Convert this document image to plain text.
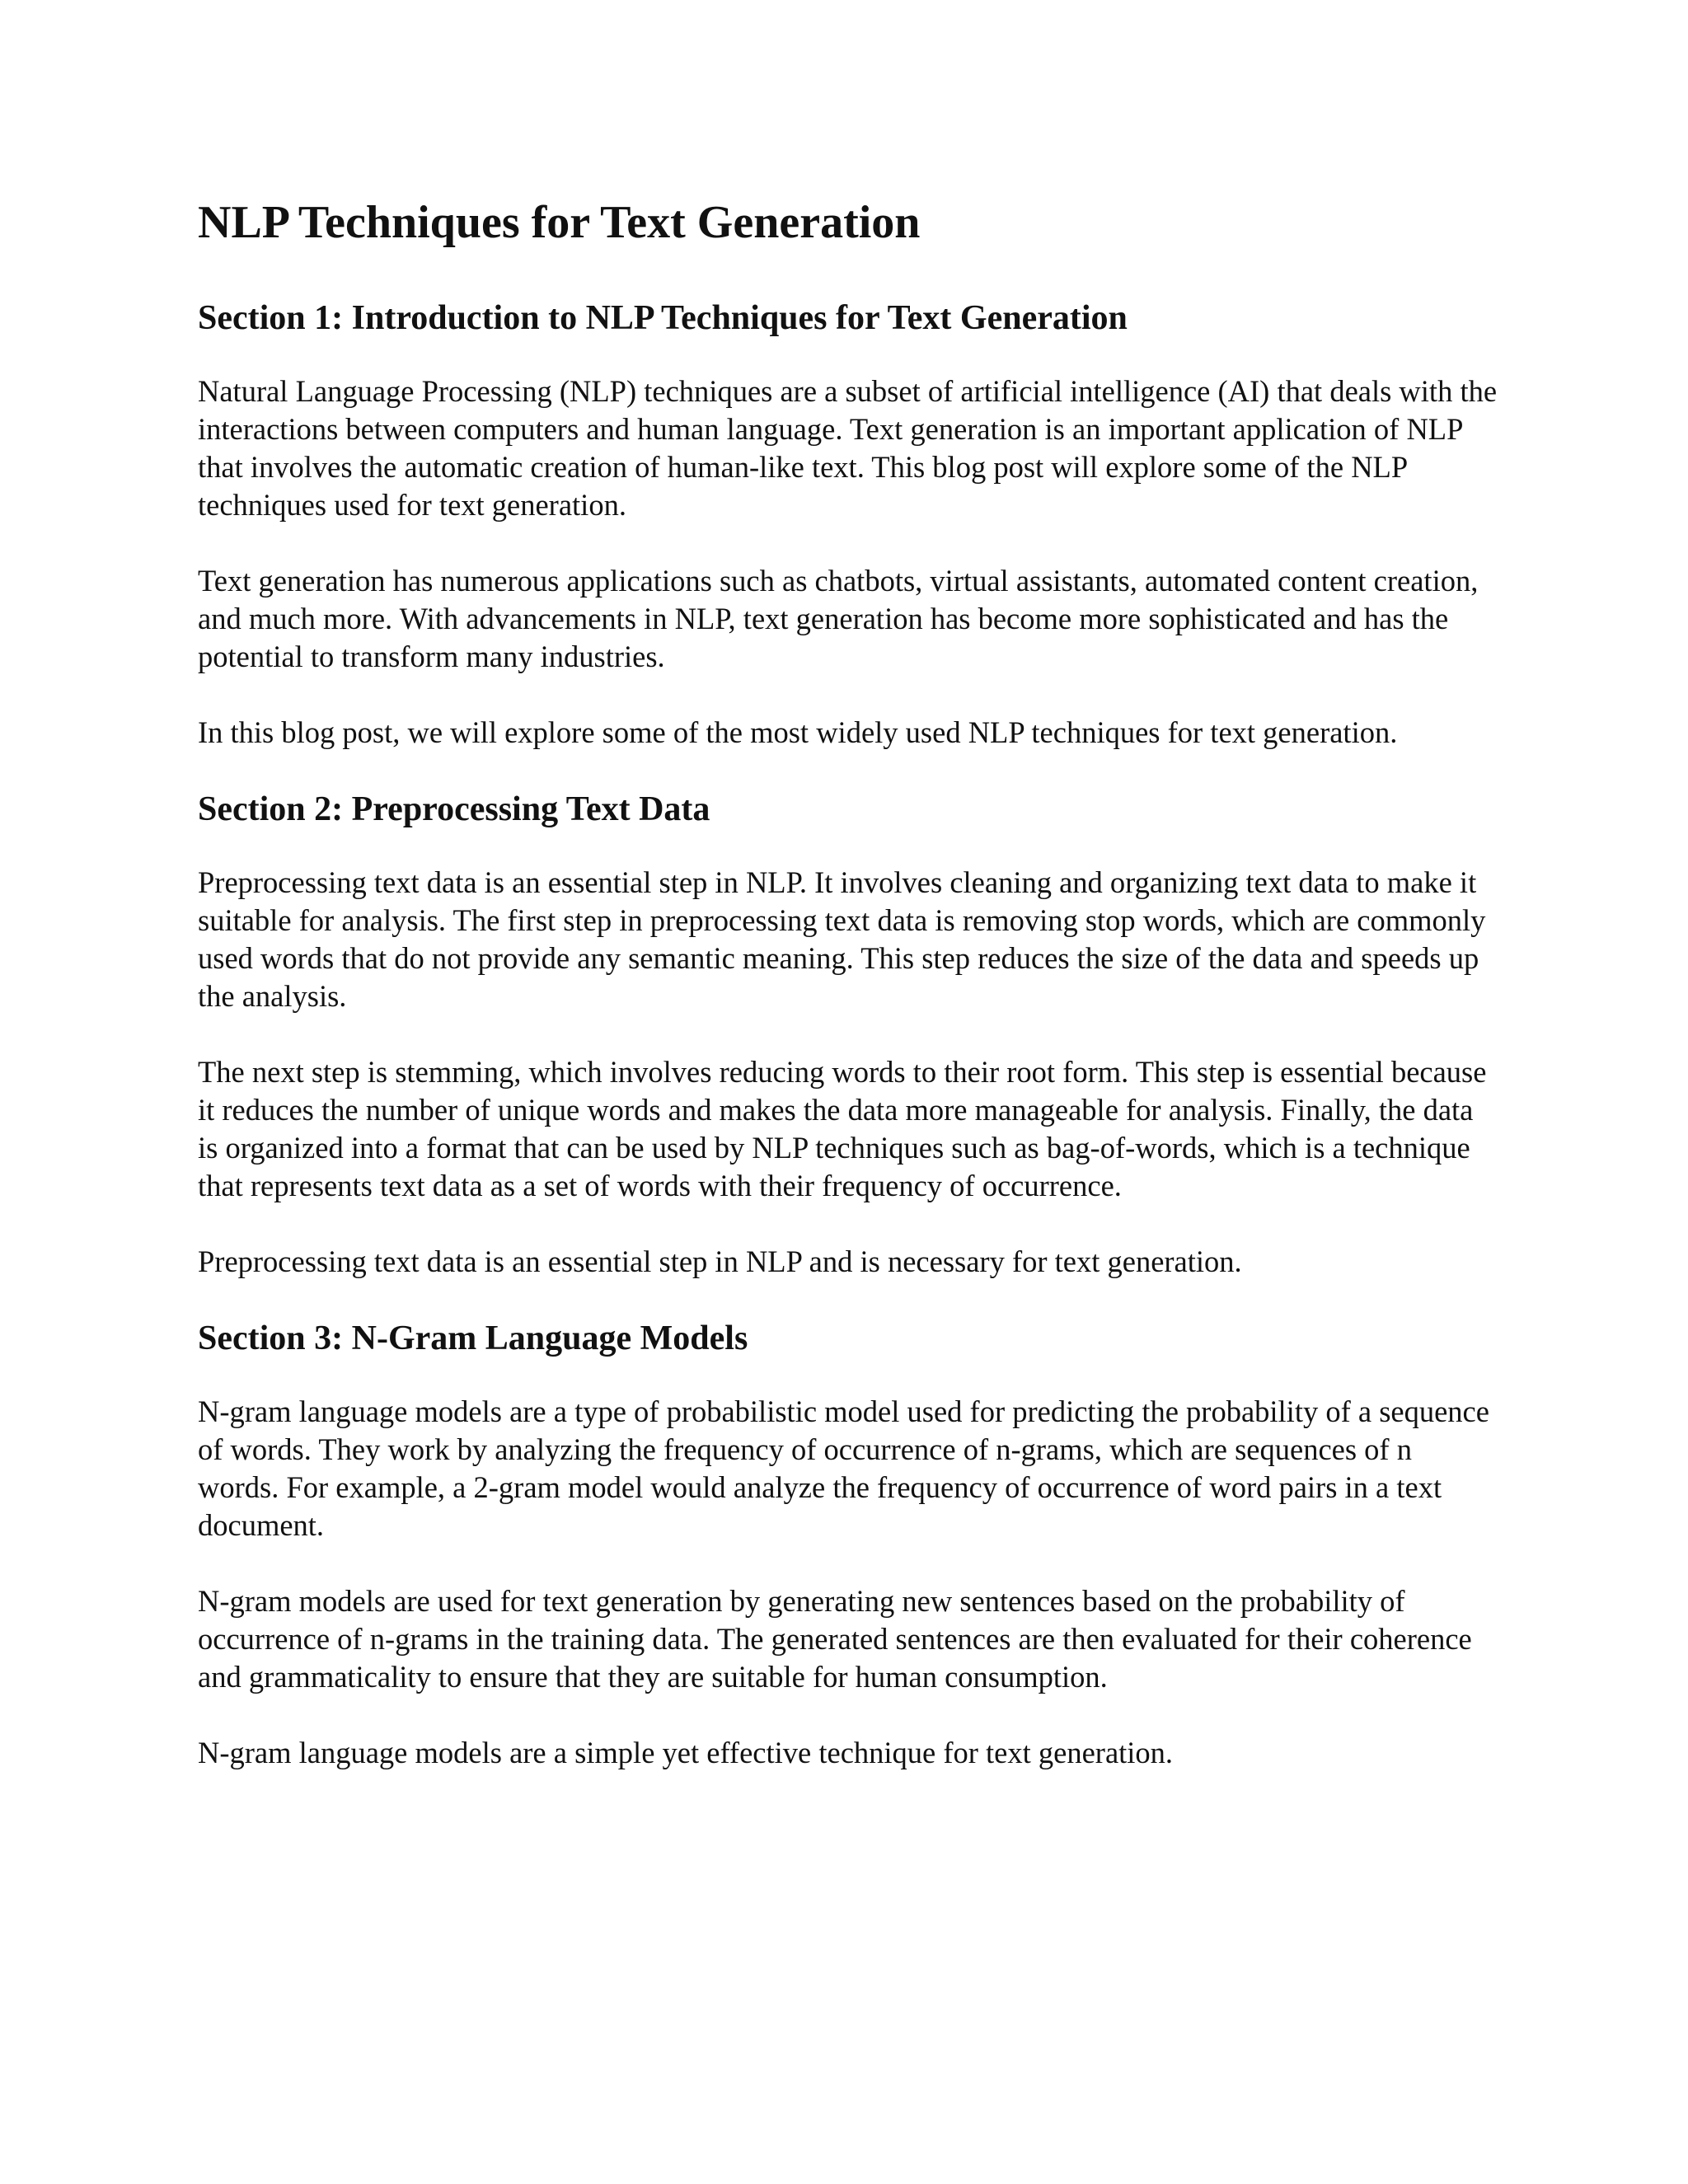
NLP Techniques for Text Generation
Section 1: Introduction to NLP Techniques for Text Generation

Natural Language Processing (NLP) techniques are a subset of artificial intelligence (AI) that deals with the interactions between computers and human language. Text generation is an important application of NLP that involves the automatic creation of human-like text. This blog post will explore some of the NLP techniques used for text generation.

Text generation has numerous applications such as chatbots, virtual assistants, automated content creation, and much more. With advancements in NLP, text generation has become more sophisticated and has the potential to transform many industries.

In this blog post, we will explore some of the most widely used NLP techniques for text generation.

Section 2: Preprocessing Text Data

Preprocessing text data is an essential step in NLP. It involves cleaning and organizing text data to make it suitable for analysis. The first step in preprocessing text data is removing stop words, which are commonly used words that do not provide any semantic meaning. This step reduces the size of the data and speeds up the analysis.

The next step is stemming, which involves reducing words to their root form. This step is essential because it reduces the number of unique words and makes the data more manageable for analysis. Finally, the data is organized into a format that can be used by NLP techniques such as bag-of-words, which is a technique that represents text data as a set of words with their frequency of occurrence.

Preprocessing text data is an essential step in NLP and is necessary for text generation.

Section 3: N-Gram Language Models

N-gram language models are a type of probabilistic model used for predicting the probability of a sequence of words. They work by analyzing the frequency of occurrence of n-grams, which are sequences of n words. For example, a 2-gram model would analyze the frequency of occurrence of word pairs in a text document.

N-gram models are used for text generation by generating new sentences based on the probability of occurrence of n-grams in the training data. The generated sentences are then evaluated for their coherence and grammaticality to ensure that they are suitable for human consumption.

N-gram language models are a simple yet effective technique for text generation.
